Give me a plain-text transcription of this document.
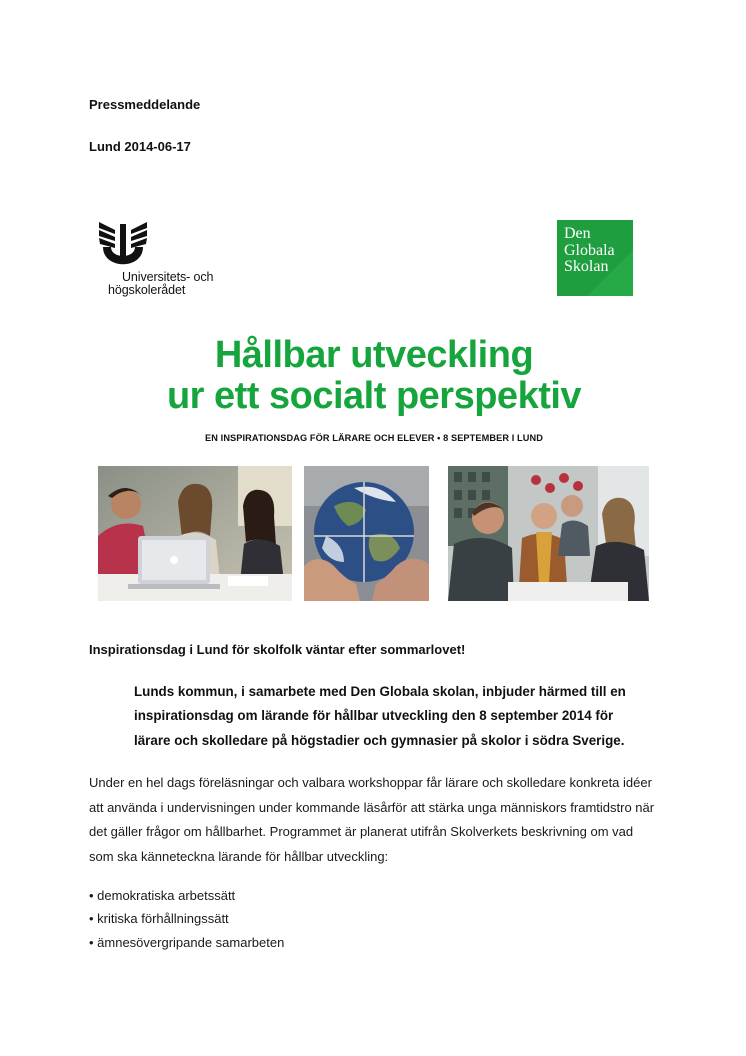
Pressmeddelande
Lund 2014-06-17
Universitets- och
högskolerådet
Den
Globala
Skolan
Hållbar utveckling
ur ett socialt perspektiv
EN INSPIRATIONSDAG FÖR LÄRARE OCH ELEVER • 8 SEPTEMBER I LUND
Inspirationsdag i Lund för skolfolk väntar efter sommarlovet!
Lunds kommun, i samarbete med Den Globala skolan, inbjuder härmed till en inspirationsdag om lärande för hållbar utveckling den 8 september 2014 för lärare och skolledare på högstadier och gymnasier på skolor i södra Sverige.
Under en hel dags föreläsningar och valbara workshoppar får lärare och skolledare konkreta idéer att använda i undervisningen under kommande läsårför att stärka unga människors framtidstro när det gäller frågor om hållbarhet. Programmet är planerat utifrån Skolverkets beskrivning om vad som ska känneteckna lärande för hållbar utveckling:
• demokratiska arbetssätt
• kritiska förhållningssätt
• ämnesövergripande samarbeten
